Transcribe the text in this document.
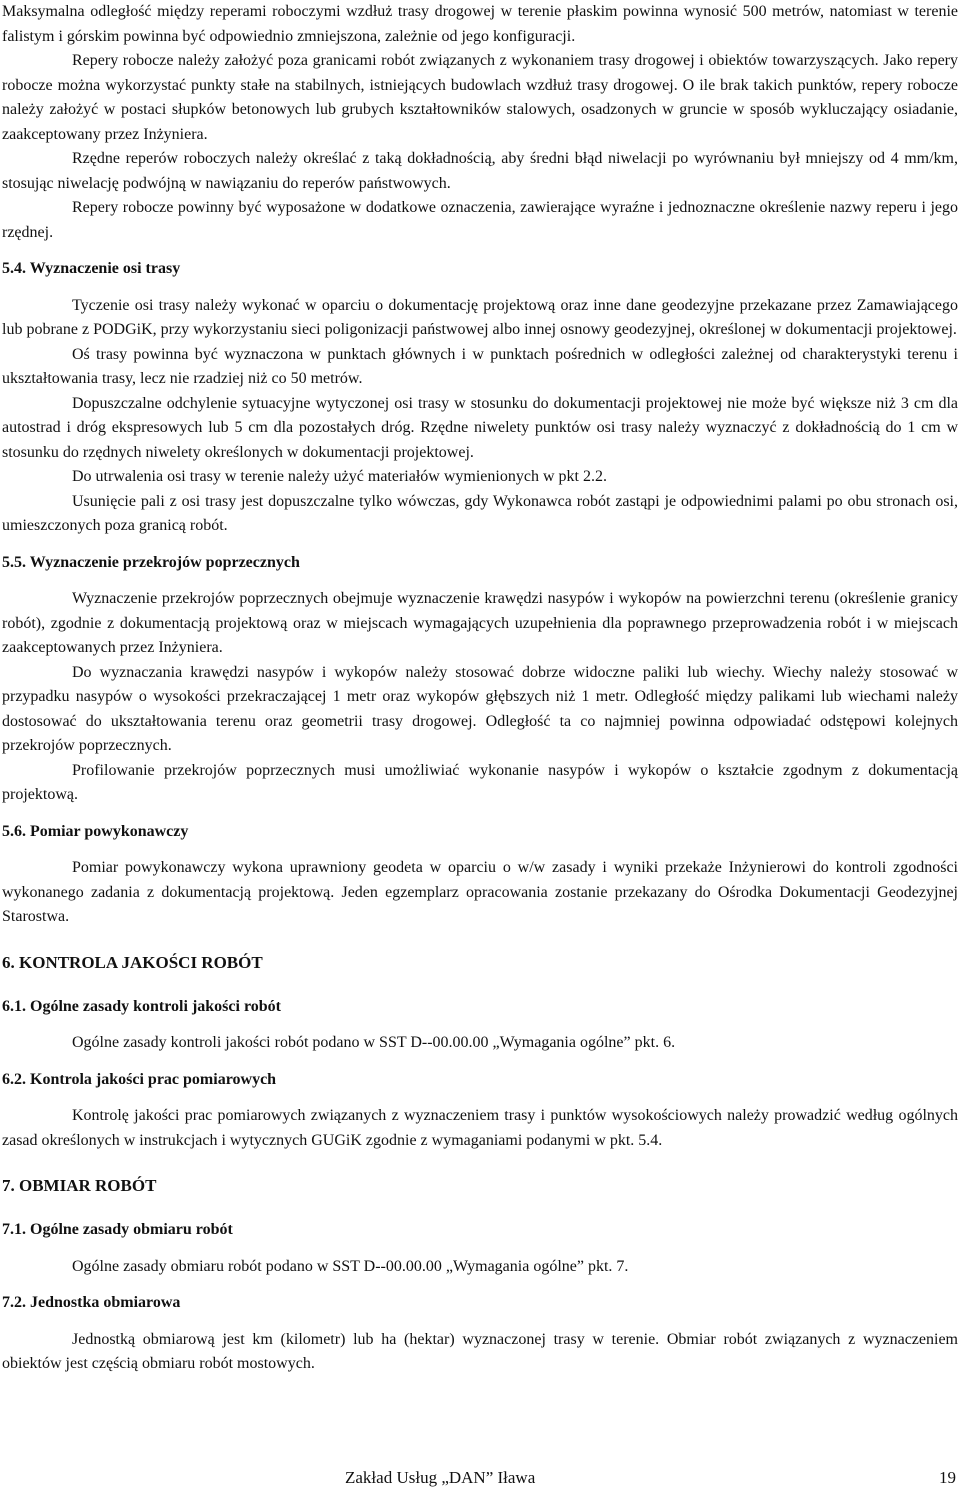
Maksymalna odległość między reperami roboczymi wzdłuż trasy drogowej w terenie płaskim powinna wynosić 500 metrów, natomiast w terenie falistym i górskim powinna być odpowiednio zmniejszona, zależnie od jego konfiguracji.

Repery robocze należy założyć poza granicami robót związanych z wykonaniem trasy drogowej i obiektów towarzyszących. Jako repery robocze można wykorzystać punkty stałe na stabilnych, istniejących budowlach wzdłuż trasy drogowej. O ile brak takich punktów, repery robocze należy założyć w postaci słupków betonowych lub grubych kształtowników stalowych, osadzonych w gruncie w sposób wykluczający osiadanie, zaakceptowany przez Inżyniera.

Rzędne reperów roboczych należy określać z taką dokładnością, aby średni błąd niwelacji po wyrównaniu był mniejszy od 4 mm/km, stosując niwelację podwójną w nawiązaniu do reperów państwowych.

Repery robocze powinny być wyposażone w dodatkowe oznaczenia, zawierające wyraźne i jednoznaczne określenie nazwy reperu i jego rzędnej.

5.4. Wyznaczenie osi trasy

Tyczenie osi trasy należy wykonać w oparciu o dokumentację projektową oraz inne dane geodezyjne przekazane przez Zamawiającego lub pobrane z PODGiK, przy wykorzystaniu sieci poligonizacji państwowej albo innej osnowy geodezyjnej, określonej w dokumentacji projektowej.

Oś trasy powinna być wyznaczona w punktach głównych i w punktach pośrednich w odległości zależnej od charakterystyki terenu i ukształtowania trasy, lecz nie rzadziej niż co 50 metrów.

Dopuszczalne odchylenie sytuacyjne wytyczonej osi trasy w stosunku do dokumentacji projektowej nie może być większe niż 3 cm dla autostrad i dróg ekspresowych lub 5 cm dla pozostałych dróg. Rzędne niwelety punktów osi trasy należy wyznaczyć z dokładnością do 1 cm w stosunku do rzędnych niwelety określonych w dokumentacji projektowej.

Do utrwalenia osi trasy w terenie należy użyć materiałów wymienionych w pkt 2.2.

Usunięcie pali z osi trasy jest dopuszczalne tylko wówczas, gdy Wykonawca robót zastąpi je odpowiednimi palami po obu stronach osi, umieszczonych poza granicą robót.

5.5. Wyznaczenie przekrojów poprzecznych

Wyznaczenie przekrojów poprzecznych obejmuje wyznaczenie krawędzi nasypów i wykopów na powierzchni terenu (określenie granicy robót), zgodnie z dokumentacją projektową oraz w miejscach wymagających uzupełnienia dla poprawnego przeprowadzenia robót i w miejscach zaakceptowanych przez Inżyniera.

Do wyznaczania krawędzi nasypów i wykopów należy stosować dobrze widoczne paliki lub wiechy. Wiechy należy stosować w przypadku nasypów o wysokości przekraczającej 1 metr oraz wykopów głębszych niż 1 metr. Odległość między palikami lub wiechami należy dostosować do ukształtowania terenu oraz geometrii trasy drogowej. Odległość ta co najmniej powinna odpowiadać odstępowi kolejnych przekrojów poprzecznych.

Profilowanie przekrojów poprzecznych musi umożliwiać wykonanie nasypów i wykopów o kształcie zgodnym z dokumentacją projektową.

5.6. Pomiar powykonawczy

Pomiar powykonawczy wykona uprawniony geodeta w oparciu o w/w zasady i wyniki przekaże Inżynierowi do kontroli zgodności wykonanego zadania z dokumentacją projektową. Jeden egzemplarz opracowania zostanie przekazany do Ośrodka Dokumentacji Geodezyjnej Starostwa.

6. KONTROLA JAKOŚCI ROBÓT
6.1. Ogólne zasady kontroli jakości robót

Ogólne zasady kontroli jakości robót podano w SST D--00.00.00 „Wymagania ogólne” pkt. 6.

6.2. Kontrola jakości prac pomiarowych

Kontrolę jakości prac pomiarowych związanych z wyznaczeniem trasy i punktów wysokościowych należy prowadzić według ogólnych zasad określonych w instrukcjach i wytycznych GUGiK zgodnie z wymaganiami podanymi w pkt. 5.4.

7. OBMIAR ROBÓT
7.1. Ogólne zasady obmiaru robót

Ogólne zasady obmiaru robót podano w SST D--00.00.00 „Wymagania ogólne” pkt. 7.

7.2. Jednostka obmiarowa

Jednostką obmiarową jest km (kilometr) lub ha (hektar) wyznaczonej trasy w terenie. Obmiar robót związanych z wyznaczeniem obiektów jest częścią obmiaru robót mostowych.

Zakład Usług „DAN” Iława	19
